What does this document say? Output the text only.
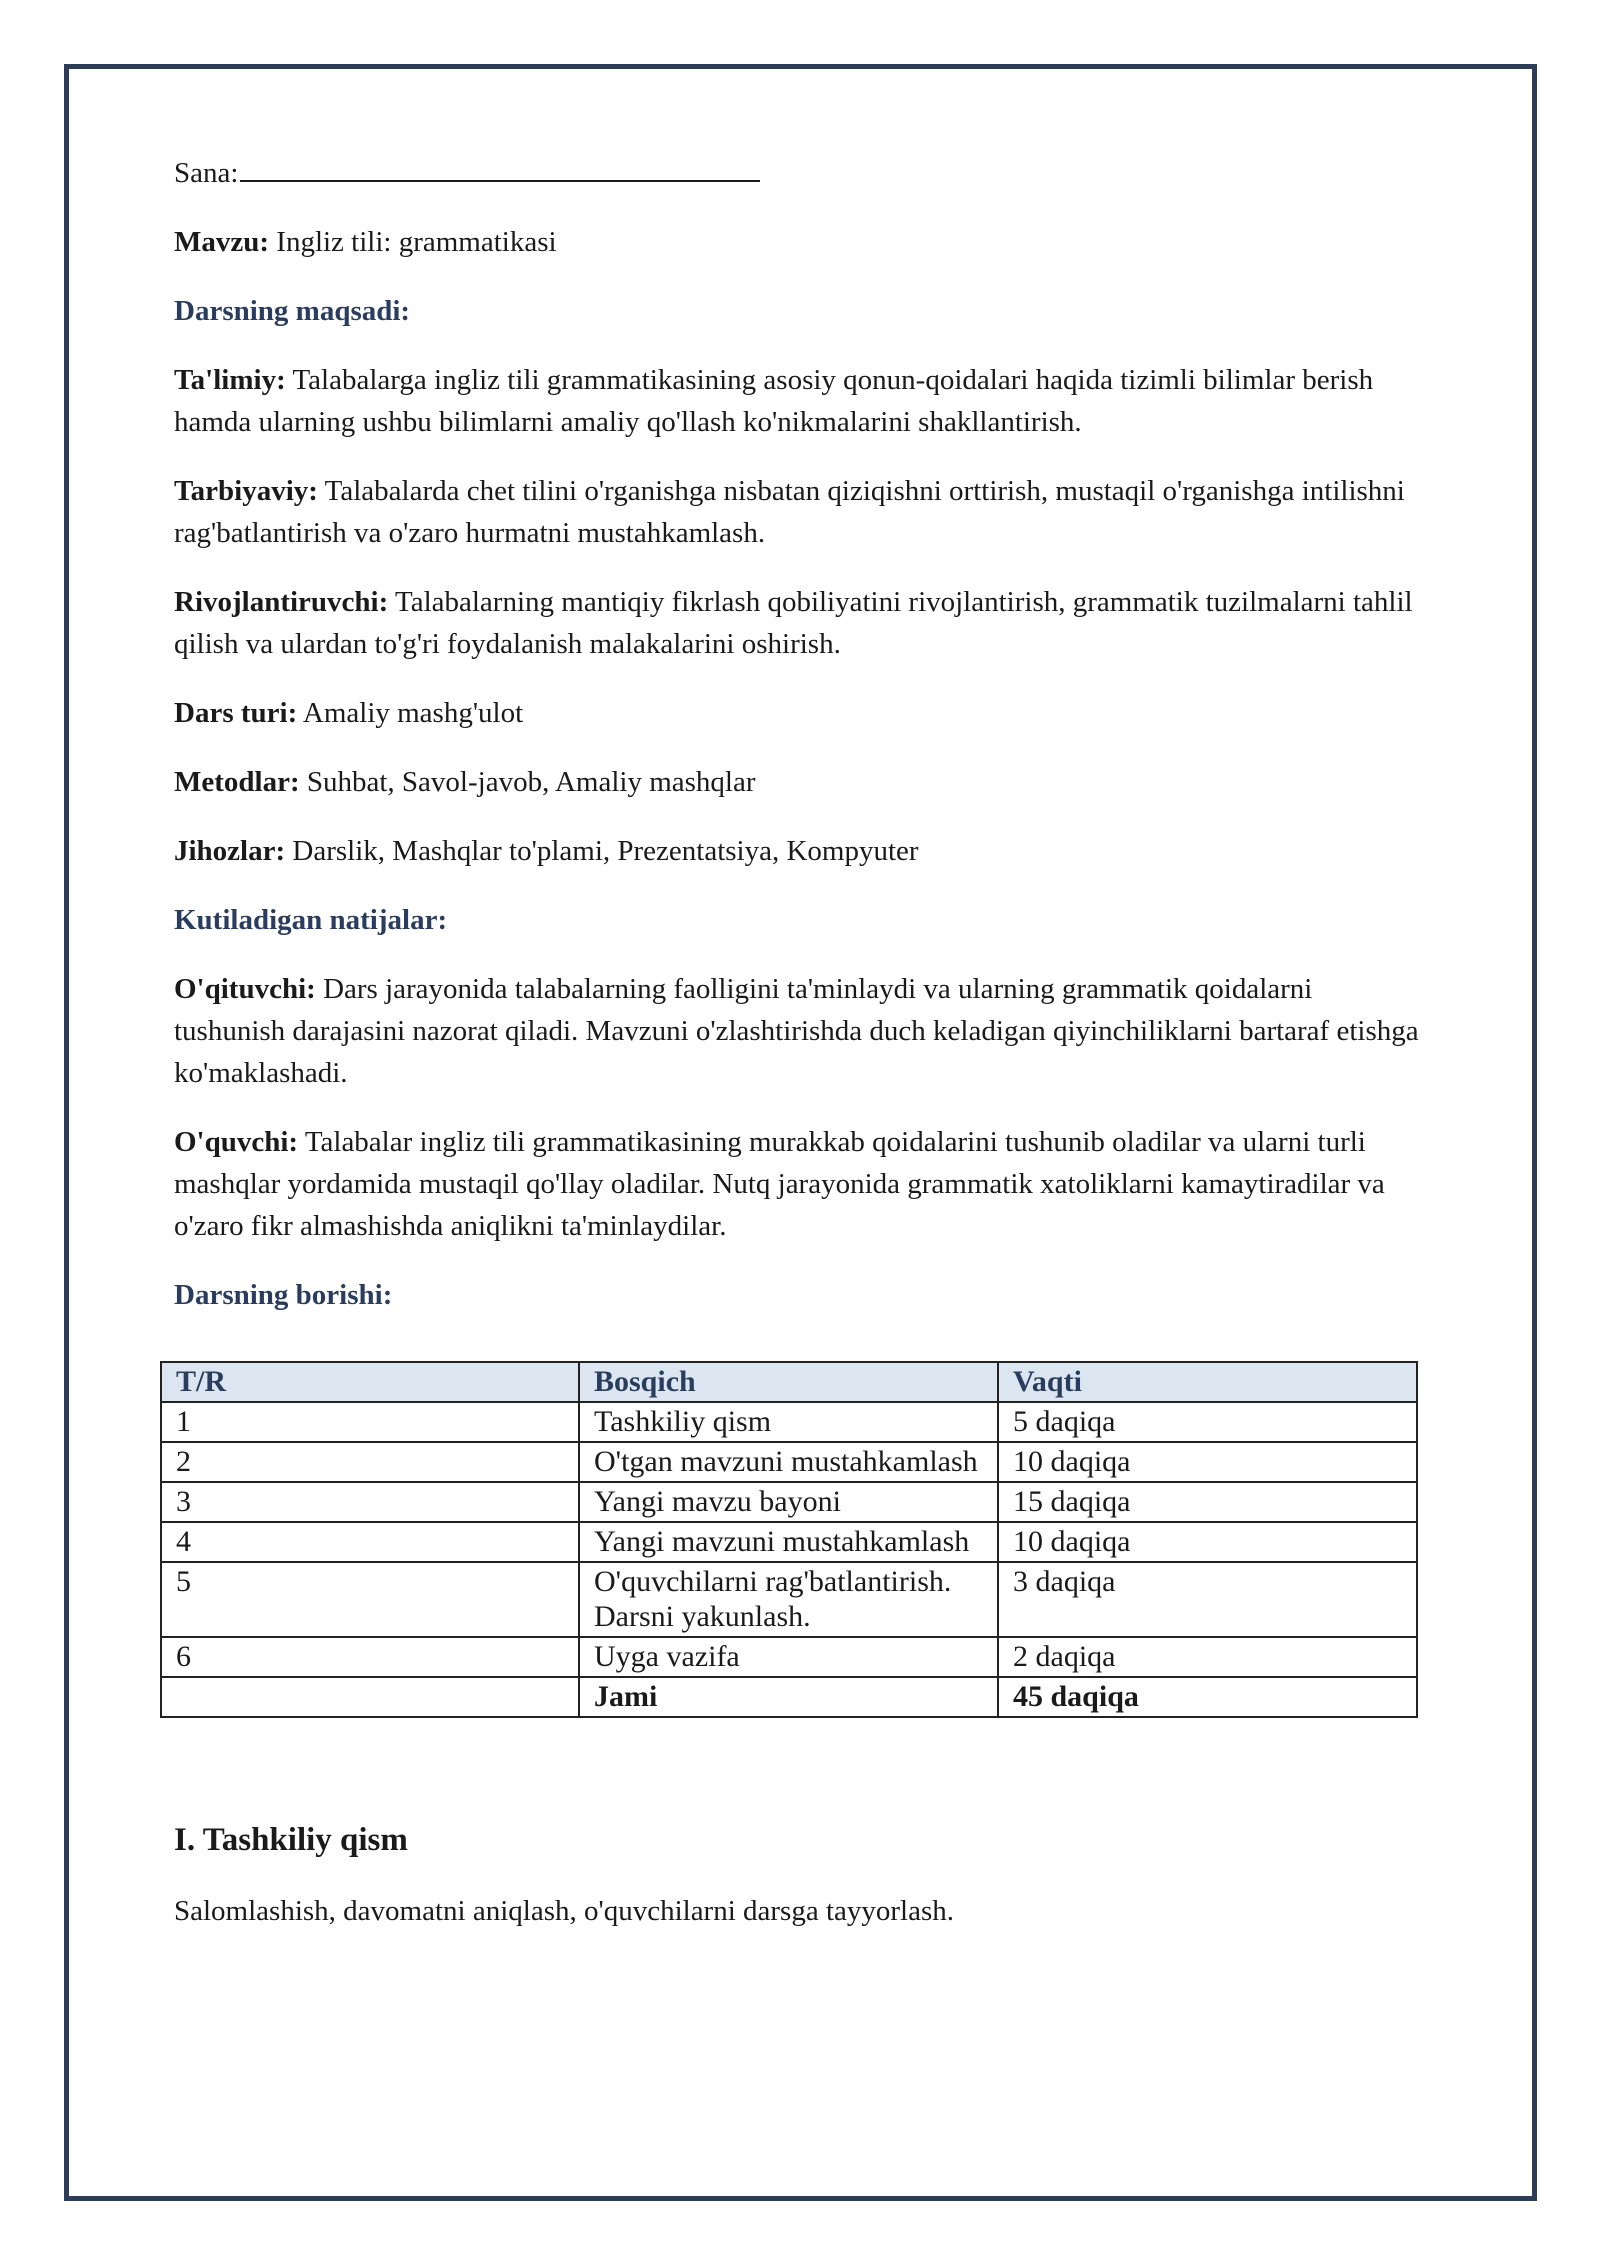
Sana:

Mavzu: Ingliz tili: grammatikasi

Darsning maqsadi:

Ta'limiy: Talabalarga ingliz tili grammatikasining asosiy qonun-qoidalari haqida tizimli bilimlar berish hamda ularning ushbu bilimlarni amaliy qo'llash ko'nikmalarini shakllantirish.

Tarbiyaviy: Talabalarda chet tilini o'rganishga nisbatan qiziqishni orttirish, mustaqil o'rganishga intilishni rag'batlantirish va o'zaro hurmatni mustahkamlash.

Rivojlantiruvchi: Talabalarning mantiqiy fikrlash qobiliyatini rivojlantirish, grammatik tuzilmalarni tahlil qilish va ulardan to'g'ri foydalanish malakalarini oshirish.

Dars turi: Amaliy mashg'ulot

Metodlar: Suhbat, Savol-javob, Amaliy mashqlar

Jihozlar: Darslik, Mashqlar to'plami, Prezentatsiya, Kompyuter

Kutiladigan natijalar:

O'qituvchi: Dars jarayonida talabalarning faolligini ta'minlaydi va ularning grammatik qoidalarni tushunish darajasini nazorat qiladi. Mavzuni o'zlashtirishda duch keladigan qiyinchiliklarni bartaraf etishga ko'maklashadi.

O'quvchi: Talabalar ingliz tili grammatikasining murakkab qoidalarini tushunib oladilar va ularni turli mashqlar yordamida mustaqil qo'llay oladilar. Nutq jarayonida grammatik xatoliklarni kamaytiradilar va o'zaro fikr almashishda aniqlikni ta'minlaydilar.

Darsning borishi:

T/R	Bosqich	Vaqti
1	Tashkiliy qism	5 daqiqa
2	O'tgan mavzuni mustahkamlash	10 daqiqa
3	Yangi mavzu bayoni	15 daqiqa
4	Yangi mavzuni mustahkamlash	10 daqiqa
5	O'quvchilarni rag'batlantirish. Darsni yakunlash.	3 daqiqa
6	Uyga vazifa	2 daqiqa
	Jami	45 daqiqa
I. Tashkiliy qism
Salomlashish, davomatni aniqlash, o'quvchilarni darsga tayyorlash.
